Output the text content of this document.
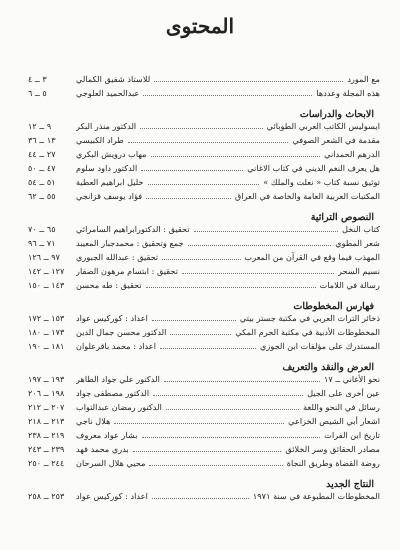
المحتوى
مع المورد
للاستاذ شفيق الكمالي
٣ ــ ٤
هذه المجلة وعددها
عبدالحميد العلوجي
٥ ــ ٦
الابحاث والدراسات
ايسوليس الكاتب العربي الطوبائي
الدكتور منذر البكر
٩ ــ ١٢
مقدمة في الشعر الصوفي
طراد الكبيسي
١٣ ــ ٣٦
الدرهم الحمداني
مهاب درويش البكري
٢٧ ــ ٤٤
هل يعرف النغم الديني في كتاب الاغاني
الدكتور داود سلوم
٤٧ ــ ٥٠
توثيق نسبة كتاب « نعلت والملك »
خليل ابراهيم العطية
٥١ ــ ٥٤
المكتبات العربية العامة والخاصة في العراق
فؤاد يوسف قزانجي
٥٥ ــ ٦٢
النصوص التراثية
كتاب النخل
تحقيق : الدكتورابراهيم السامرائي
٦٥ ــ ٧٠
شعر المطوي
جمع وتحقيق : محمدجبار المعيبد
٧١ ــ ٩٦
المهذب فيما وقع في القرآن من المعرب
تحقيق : عبدالله الجبوري
٩٧ ــ ١٢٦
نسيم السحر
تحقيق : ابتسام مرهون الصفار
١٢٧ ــ ١٤٢
رسالة في اللامات
تحقيق : طه محسن
١٤٣ ــ ١٥٠
فهارس المخطوطات
ذخائر التراث العربي في مكتبة جستر بيتي
اعداد : كوركيس عواد
١٥٣ ــ ١٧٢
المخطوطات الأدبية في مكتبة الحرم المكي
الدكتور محسن جمال الدين
١٧٣ ــ ١٨٠
المستدرك على مؤلفات ابن الجوزي
اعداد : محمد باقرعلوان
١٨١ ــ ١٩٠
العرض والنقد والتعريف
نحو الأغاني ــ ١٧
الدكتور علي جواد الطاهر
١٩٣ ــ ١٩٧
عين أخرى على الجيل
الدكتور مصطفى جواد
١٩٨ ــ ٢٠٦
رسائل في النحو واللغة
الدكتور رمضان عبدالتواب
٢٠٧ ــ ٢١٢
اشعار أبي الشيص الخزاعي
هلال ناجي
٢١٣ ــ ٢١٨
تاريخ ابن الفرات
بشار عواد معروف
٢١٩ ــ ٢٣٨
مصادر الحقائق وسر الخلائق
بدري محمد فهد
٢٣٩ ــ ٢٤٣
روضة القضاة وطريق النجاة
محيي هلال السرحان
٢٤٤ ــ ٢٥٠
النتاج الجديد
المخطوطات المطبوعة في سنة ١٩٧١
اعداد : كوركيس عواد
٢٥٣ ــ ٢٥٨
